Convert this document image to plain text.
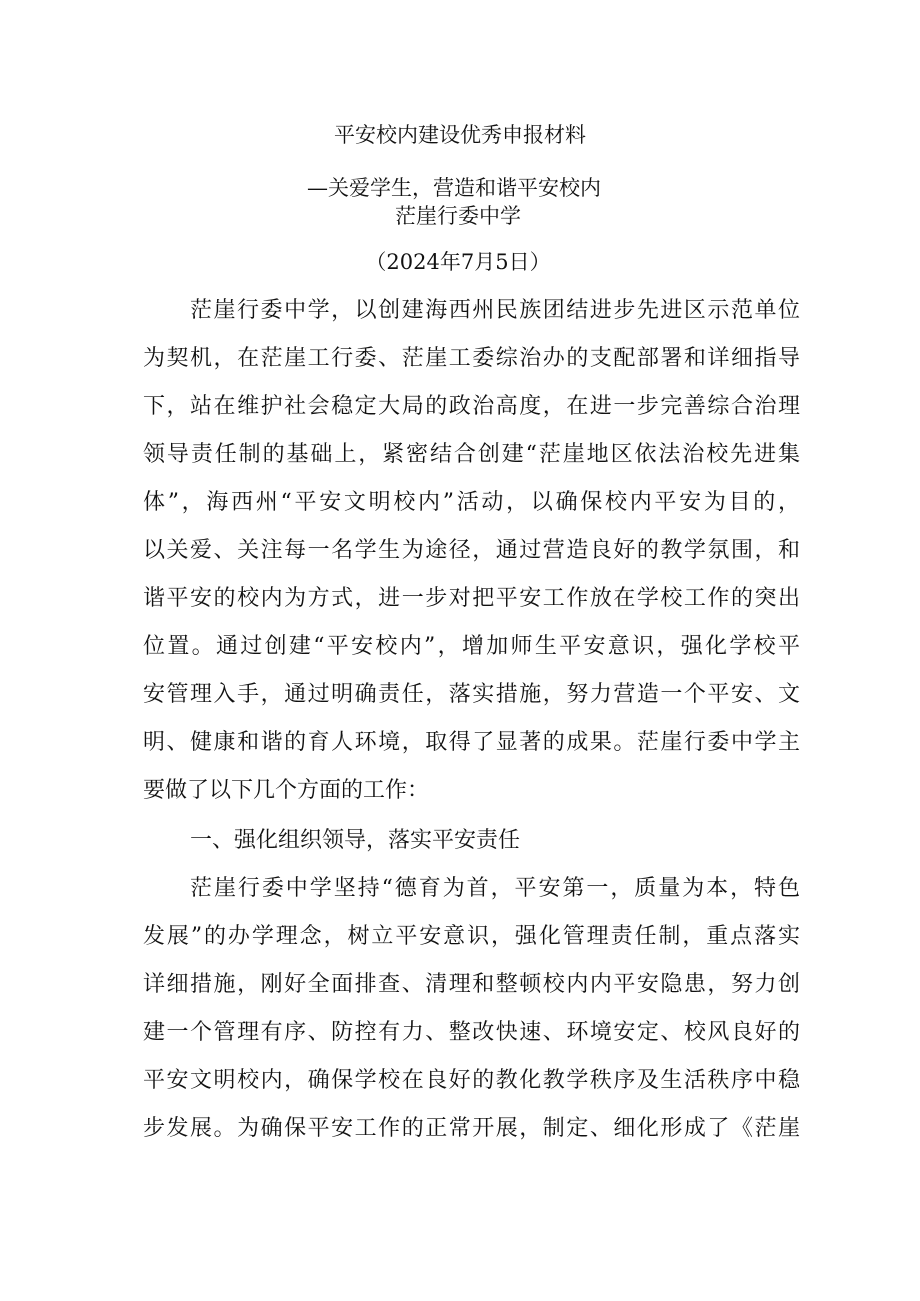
平安校内建设优秀申报材料
—关爱学生，营造和谐平安校内
茫崖行委中学
（2024年7月5日）
茫崖行委中学，以创建海西州民族团结进步先进区示范单位
为契机，在茫崖工行委、茫崖工委综治办的支配部署和详细指导
下，站在维护社会稳定大局的政治高度，在进一步完善综合治理
领导责任制的基础上，紧密结合创建“茫崖地区依法治校先进集
体”，海西州“平安文明校内”活动，以确保校内平安为目的，
以关爱、关注每一名学生为途径，通过营造良好的教学氛围，和
谐平安的校内为方式，进一步对把平安工作放在学校工作的突出
位置。通过创建“平安校内”，增加师生平安意识，强化学校平
安管理入手，通过明确责任，落实措施，努力营造一个平安、文
明、健康和谐的育人环境，取得了显著的成果。茫崖行委中学主
要做了以下几个方面的工作：
一、强化组织领导，落实平安责任
茫崖行委中学坚持“德育为首，平安第一，质量为本，特色
发展”的办学理念，树立平安意识，强化管理责任制，重点落实
详细措施，刚好全面排查、清理和整顿校内内平安隐患，努力创
建一个管理有序、防控有力、整改快速、环境安定、校风良好的
平安文明校内，确保学校在良好的教化教学秩序及生活秩序中稳
步发展。为确保平安工作的正常开展，制定、细化形成了《茫崖
